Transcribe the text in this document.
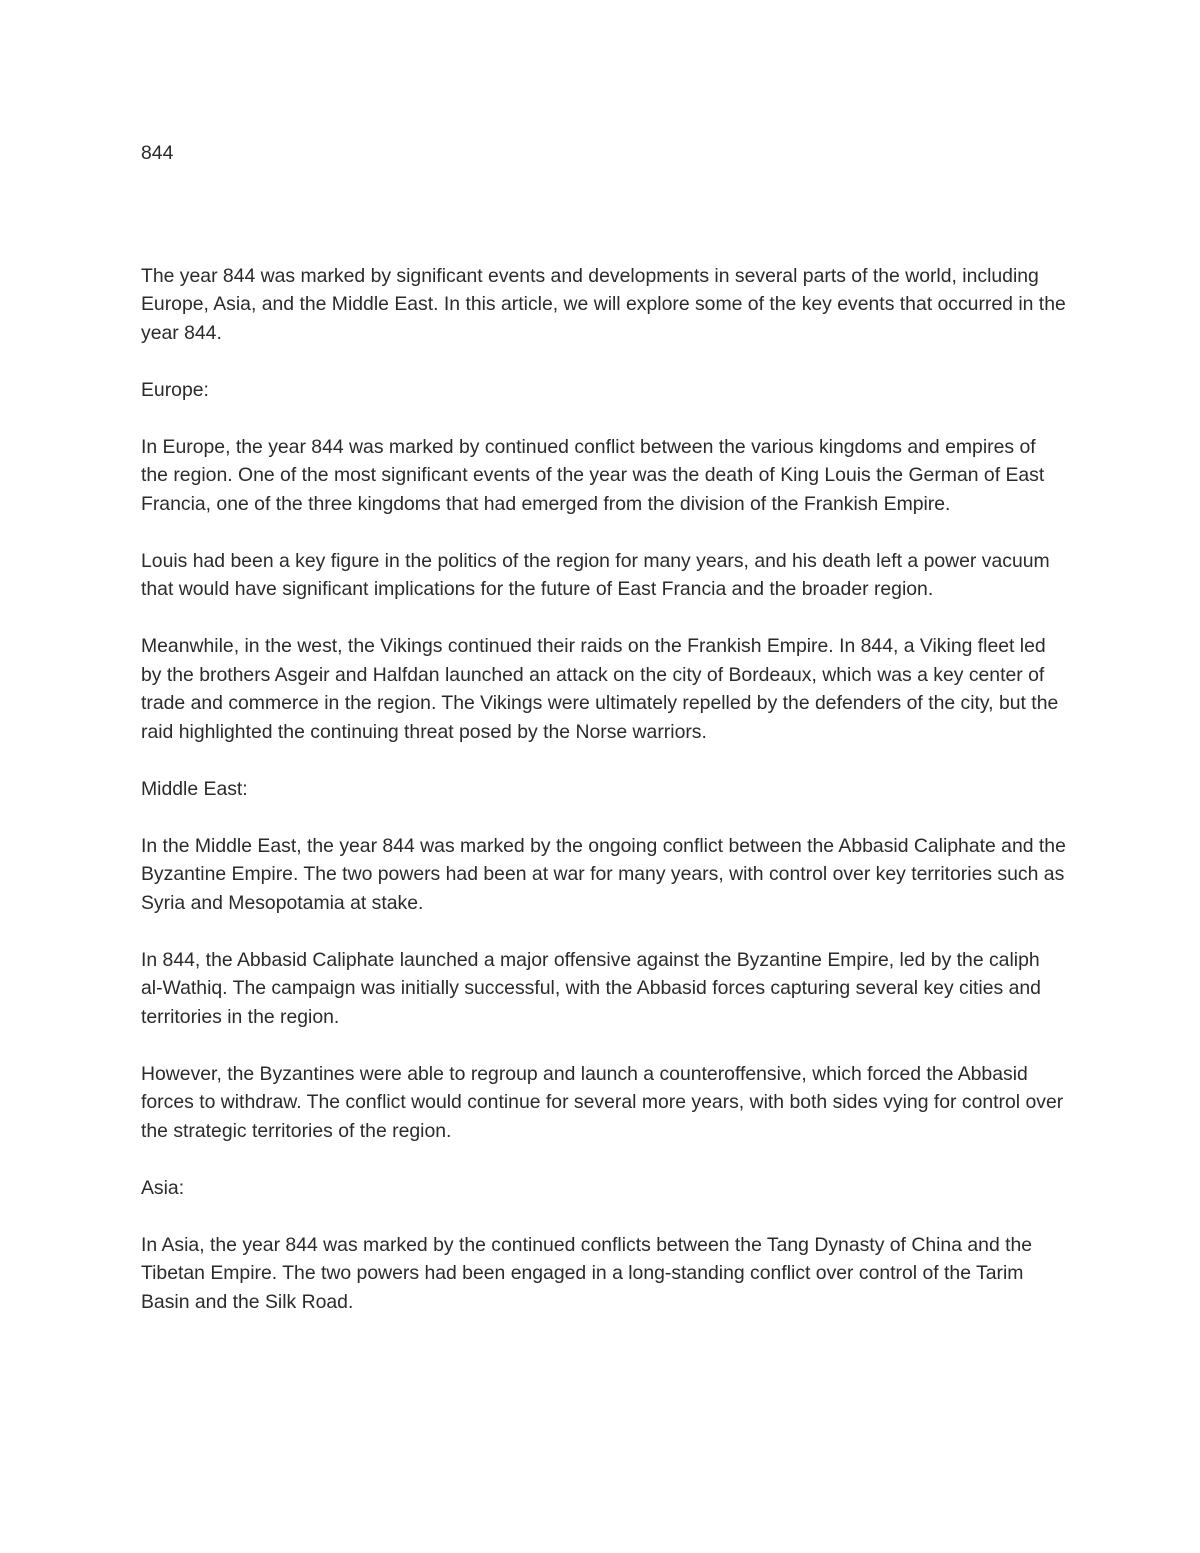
844

The year 844 was marked by significant events and developments in several parts of the world, including Europe, Asia, and the Middle East. In this article, we will explore some of the key events that occurred in the year 844.

Europe:

In Europe, the year 844 was marked by continued conflict between the various kingdoms and empires of the region. One of the most significant events of the year was the death of King Louis the German of East Francia, one of the three kingdoms that had emerged from the division of the Frankish Empire.

Louis had been a key figure in the politics of the region for many years, and his death left a power vacuum that would have significant implications for the future of East Francia and the broader region.

Meanwhile, in the west, the Vikings continued their raids on the Frankish Empire. In 844, a Viking fleet led by the brothers Asgeir and Halfdan launched an attack on the city of Bordeaux, which was a key center of trade and commerce in the region. The Vikings were ultimately repelled by the defenders of the city, but the raid highlighted the continuing threat posed by the Norse warriors.

Middle East:

In the Middle East, the year 844 was marked by the ongoing conflict between the Abbasid Caliphate and the Byzantine Empire. The two powers had been at war for many years, with control over key territories such as Syria and Mesopotamia at stake.

In 844, the Abbasid Caliphate launched a major offensive against the Byzantine Empire, led by the caliph al-Wathiq. The campaign was initially successful, with the Abbasid forces capturing several key cities and territories in the region.

However, the Byzantines were able to regroup and launch a counteroffensive, which forced the Abbasid forces to withdraw. The conflict would continue for several more years, with both sides vying for control over the strategic territories of the region.

Asia:

In Asia, the year 844 was marked by the continued conflicts between the Tang Dynasty of China and the Tibetan Empire. The two powers had been engaged in a long-standing conflict over control of the Tarim Basin and the Silk Road.
